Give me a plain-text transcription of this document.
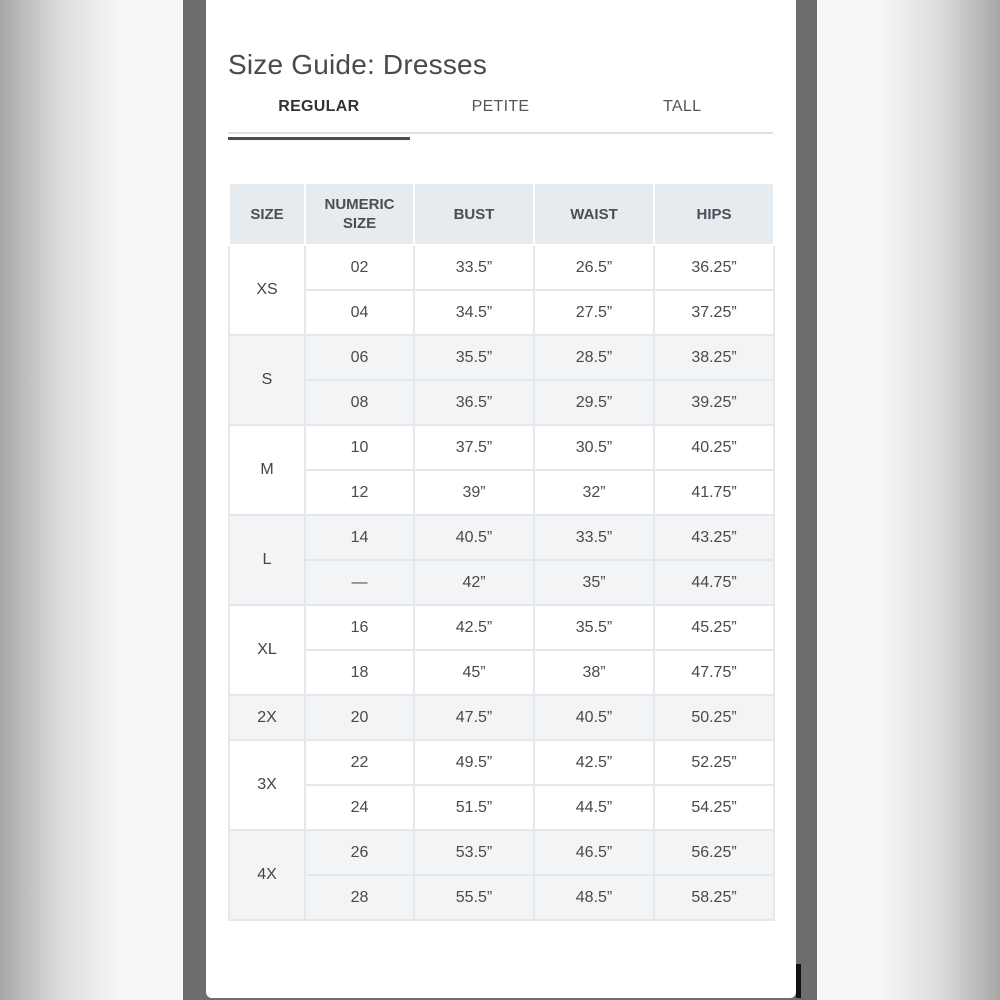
Size Guide: Dresses
REGULAR	PETITE	TALL
SIZE	NUMERIC SIZE	BUST	WAIST	HIPS
XS	02	33.5”	26.5”	36.25”
	04	34.5”	27.5”	37.25”
S	06	35.5”	28.5”	38.25”
	08	36.5”	29.5”	39.25”
M	10	37.5”	30.5”	40.25”
	12	39”	32”	41.75”
L	14	40.5”	33.5”	43.25”
	—	42”	35”	44.75”
XL	16	42.5”	35.5”	45.25”
	18	45”	38”	47.75”
2X	20	47.5”	40.5”	50.25”
3X	22	49.5”	42.5”	52.25”
	24	51.5”	44.5”	54.25”
4X	26	53.5”	46.5”	56.25”
	28	55.5”	48.5”	58.25”
